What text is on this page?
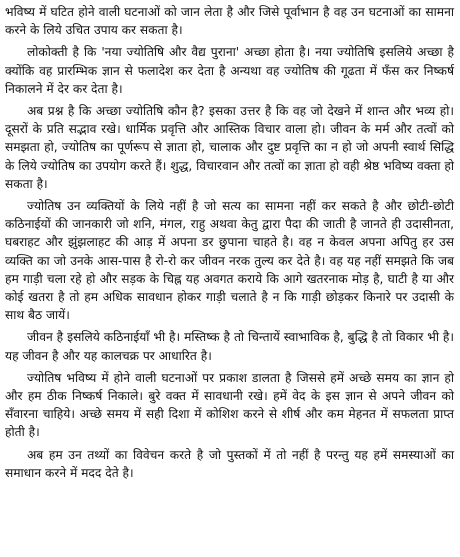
भविष्य में घटित होने वाली घटनाओं को जान लेता है और जिसे पूर्वाभान है वह उन घटनाओं का सामना करने के लिये उचित उपाय कर सकता है।

लोकोक्ती है कि 'नया ज्योतिषि और वैद्य पुराना' अच्छा होता है। नया ज्योतिषि इसलिये अच्छा है क्योंकि वह प्रारम्भिक ज्ञान से फलादेश कर देता है अन्यथा वह ज्योतिष की गूढता में फँस कर निष्कर्ष निकालने में देर कर देता है।

अब प्रश्न है कि अच्छा ज्योतिषि कौन है? इसका उत्तर है कि वह जो देखने में शान्त और भव्य हो। दूसरों के प्रति सद्भाव रखे। धार्मिक प्रवृत्ति और आस्तिक विचार वाला हो। जीवन के मर्म और तत्वों को समझता हो, ज्योतिष का पूर्णरूप से ज्ञाता हो, चालाक और दुष्ट प्रवृत्ति का न हो जो अपनी स्वार्थ सिद्धि के लिये ज्योतिष का उपयोग करते हैं। शुद्ध, विचारवान और तत्वों का ज्ञाता हो वही श्रेष्ठ भविष्य वक्ता हो सकता है।

ज्योतिष उन व्यक्तियों के लिये नहीं है जो सत्य का सामना नहीं कर सकते है और छोटी-छोटी कठिनाईयों की जानकारी जो शनि, मंगल, राहु अथवा केतु द्वारा पैदा की जाती है जानते ही उदासीनता, घबराहट और झुंझलाहट की आड़ में अपना डर छुपाना चाहते है। वह न केवल अपना अपितु हर उस व्यक्ति का जो उनके आस-पास है रो-रो कर जीवन नरक तुल्य कर देते है। वह यह नहीं समझते कि जब हम गाड़ी चला रहे हो और सड़क के चिह्न यह अवगत कराये कि आगे खतरनाक मोड़ है, घाटी है या और कोई खतरा है तो हम अधिक सावधान होकर गाड़ी चलाते है न कि गाड़ी छोड़कर किनारे पर उदासी के साथ बैठ जायें।

जीवन है इसलिये कठिनाईयाँ भी है। मस्तिष्क है तो चिन्तायें स्वाभाविक है, बुद्धि है तो विकार भी है। यह जीवन है और यह कालचक्र पर आधारित है।

ज्योतिष भविष्य में होने वाली घटनाओं पर प्रकाश डालता है जिससे हमें अच्छे समय का ज्ञान हो और हम ठीक निष्कर्ष निकाले। बुरे वक्त में सावधानी रखे। हमें वेद के इस ज्ञान से अपने जीवन को सँवारना चाहिये। अच्छे समय में सही दिशा में कोशिश करने से शीर्ष और कम मेहनत में सफलता प्राप्त होती है।

अब हम उन तथ्यों का विवेचन करते है जो पुस्तकों में तो नहीं है परन्तु यह हमें समस्याओं का समाधान करने में मदद देते है।
